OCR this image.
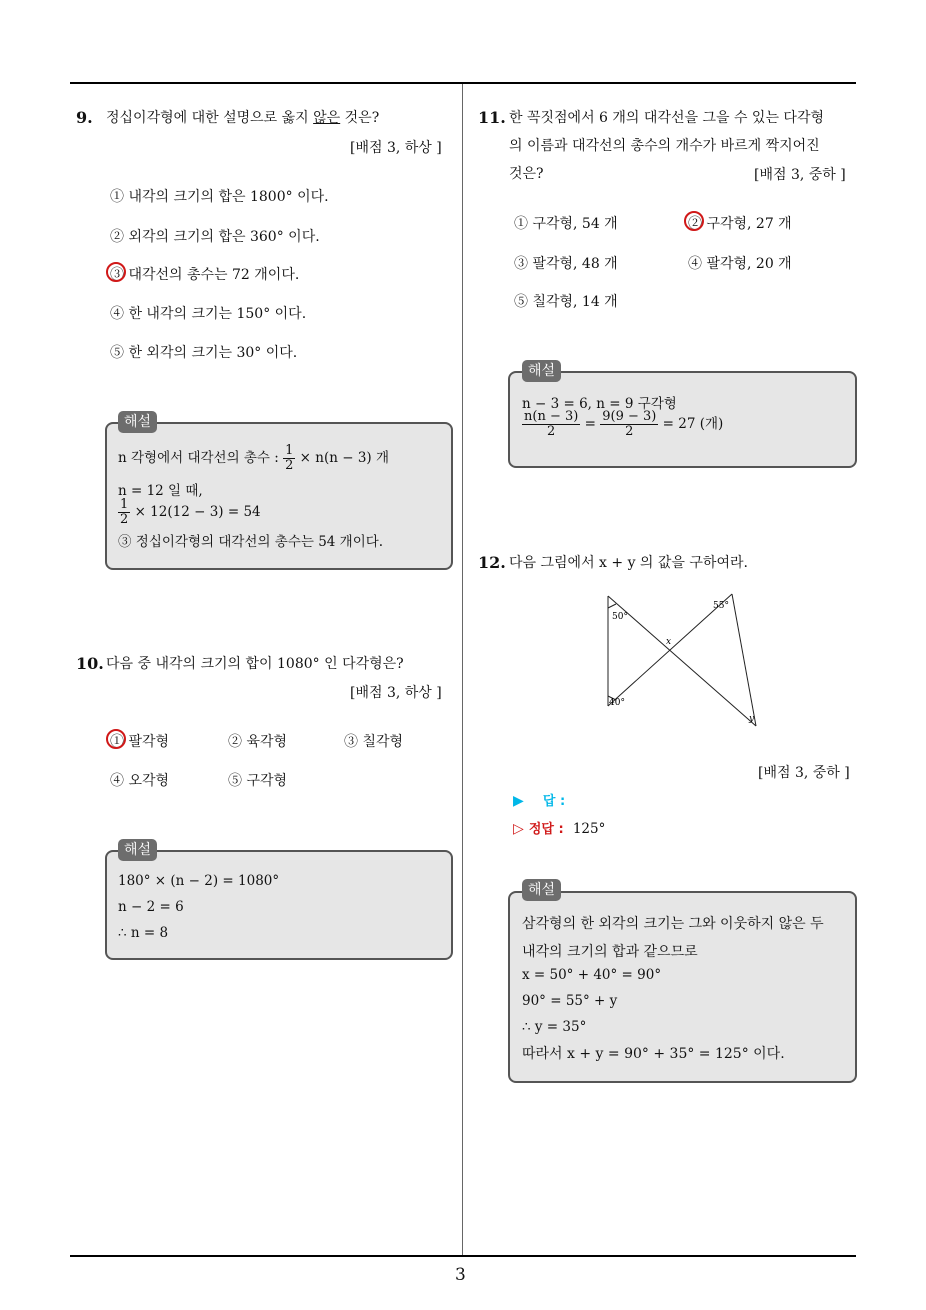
3
9. 정십이각형에 대한 설명으로 옳지 않은 것은?
[배점 3, 하상 ]
① 내각의 크기의 합은 1800° 이다.
② 외각의 크기의 합은 360° 이다.
③ 대각선의 총수는 72 개이다.
④ 한 내각의 크기는 150° 이다.
⑤ 한 외각의 크기는 30° 이다.
해설
n 각형에서 대각선의 총수 : $\frac{1}{2} \times n(n - 3)$ 개
n = 12 일 때,
$\frac{1}{2} \times 12(12 - 3) = 54$
③ 정십이각형의 대각선의 총수는 54 개이다.
10. 다음 중 내각의 크기의 합이 1080° 인 다각형은?
[배점 3, 하상 ]
① 팔각형	② 육각형	③ 칠각형
④ 오각형	⑤ 구각형
해설
180° × (n − 2) = 1080°
n − 2 = 6
∴ n = 8
11. 한 꼭짓점에서 6 개의 대각선을 그을 수 있는 다각형
의 이름과 대각선의 총수의 개수가 바르게 짝지어진
것은?	[배점 3, 중하 ]
① 구각형, 54 개	② 구각형, 27 개
③ 팔각형, 48 개	④ 팔각형, 20 개
⑤ 칠각형, 14 개
해설
n − 3 = 6, n = 9 구각형
$\frac{n(n - 3)}{2} = \frac{9(9 - 3)}{2} = 27$ (개)
12. 다음 그림에서 x + y 의 값을 구하여라.
50°
55°
x
40°
y
[배점 3, 중하 ]
▶ 답 :
▷ 정답 : 125°
해설
삼각형의 한 외각의 크기는 그와 이웃하지 않은 두
내각의 크기의 합과 같으므로
x = 50° + 40° = 90°
90° = 55° + y
∴ y = 35°
따라서 x + y = 90° + 35° = 125° 이다.
